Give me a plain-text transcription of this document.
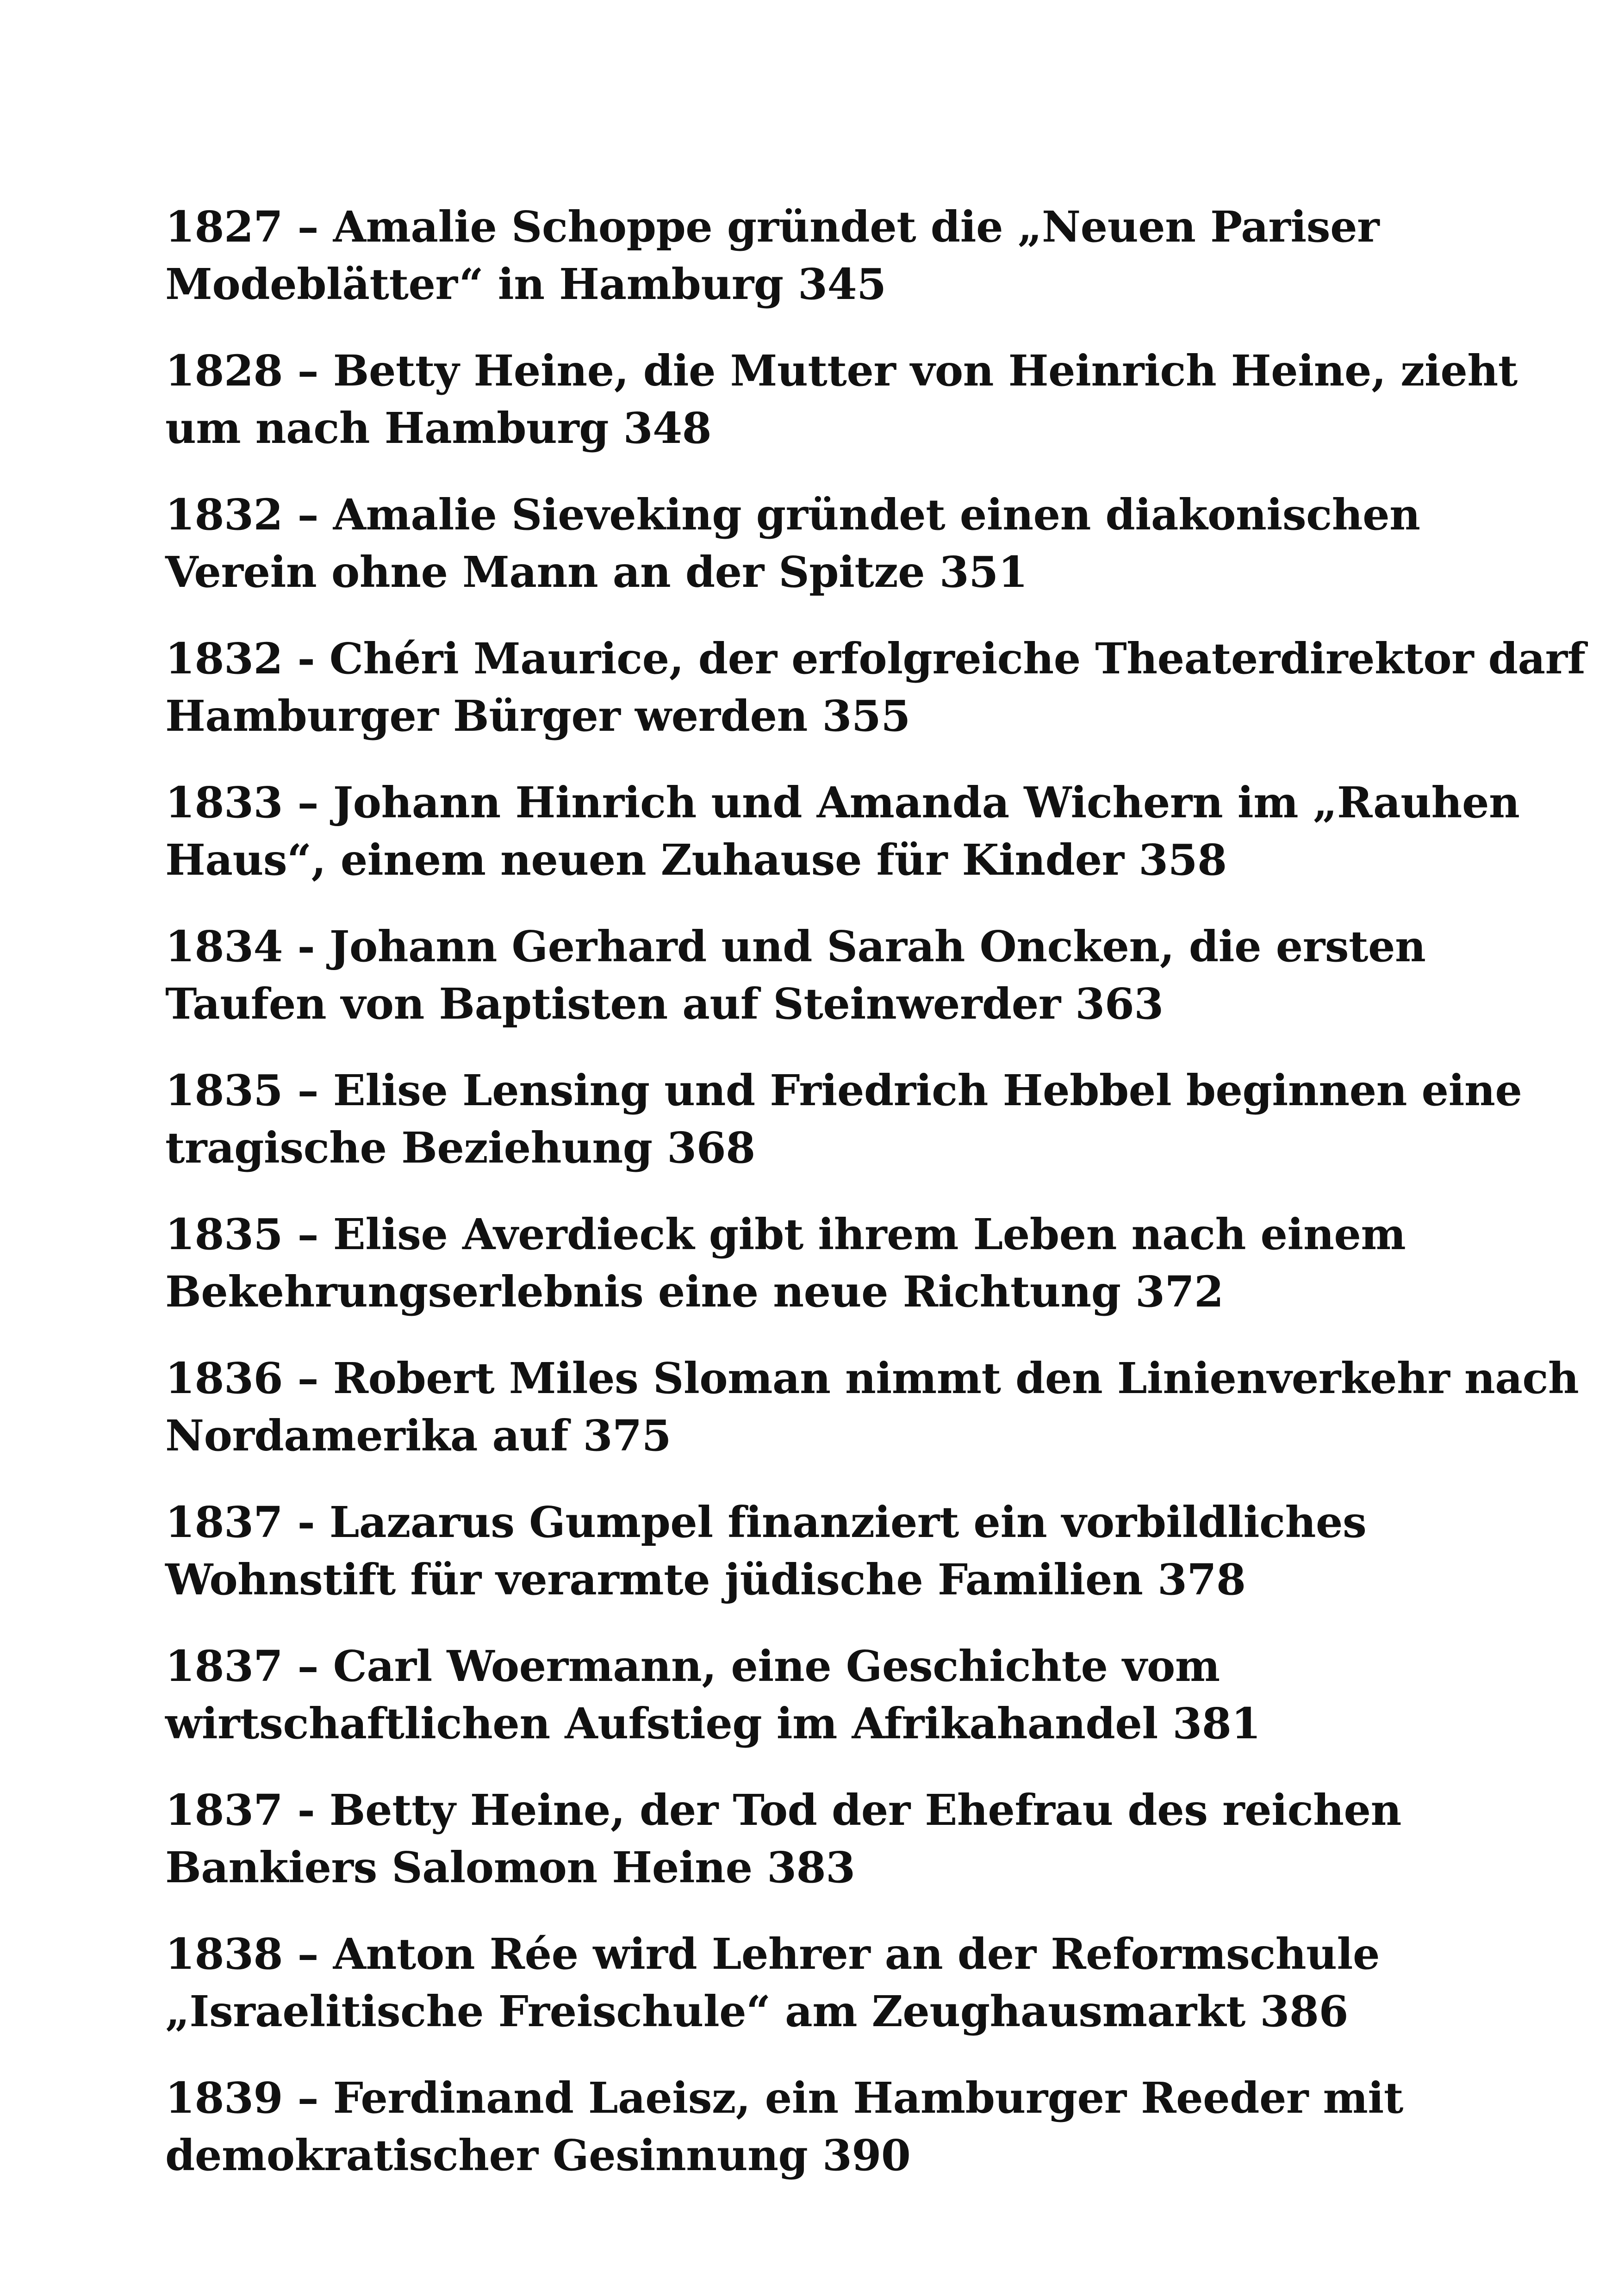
1827 – Amalie Schoppe gründet die „Neuen Pariser
Modeblätter“ in Hamburg 345
1828 – Betty Heine, die Mutter von Heinrich Heine, zieht
um nach Hamburg 348
1832 – Amalie Sieveking gründet einen diakonischen
Verein ohne Mann an der Spitze 351
1832 - Chéri Maurice, der erfolgreiche Theaterdirektor darf
Hamburger Bürger werden 355
1833 – Johann Hinrich und Amanda Wichern im „Rauhen
Haus“, einem neuen Zuhause für Kinder 358
1834 - Johann Gerhard und Sarah Oncken, die ersten
Taufen von Baptisten auf Steinwerder 363
1835 – Elise Lensing und Friedrich Hebbel beginnen eine
tragische Beziehung 368
1835 – Elise Averdieck gibt ihrem Leben nach einem
Bekehrungserlebnis eine neue Richtung 372
1836 – Robert Miles Sloman nimmt den Linienverkehr nach
Nordamerika auf 375
1837 - Lazarus Gumpel finanziert ein vorbildliches
Wohnstift für verarmte jüdische Familien 378
1837 – Carl Woermann, eine Geschichte vom
wirtschaftlichen Aufstieg im Afrikahandel 381
1837 - Betty Heine, der Tod der Ehefrau des reichen
Bankiers Salomon Heine 383
1838 – Anton Rée wird Lehrer an der Reformschule
„Israelitische Freischule“ am Zeughausmarkt 386
1839 – Ferdinand Laeisz, ein Hamburger Reeder mit
demokratischer Gesinnung 390
